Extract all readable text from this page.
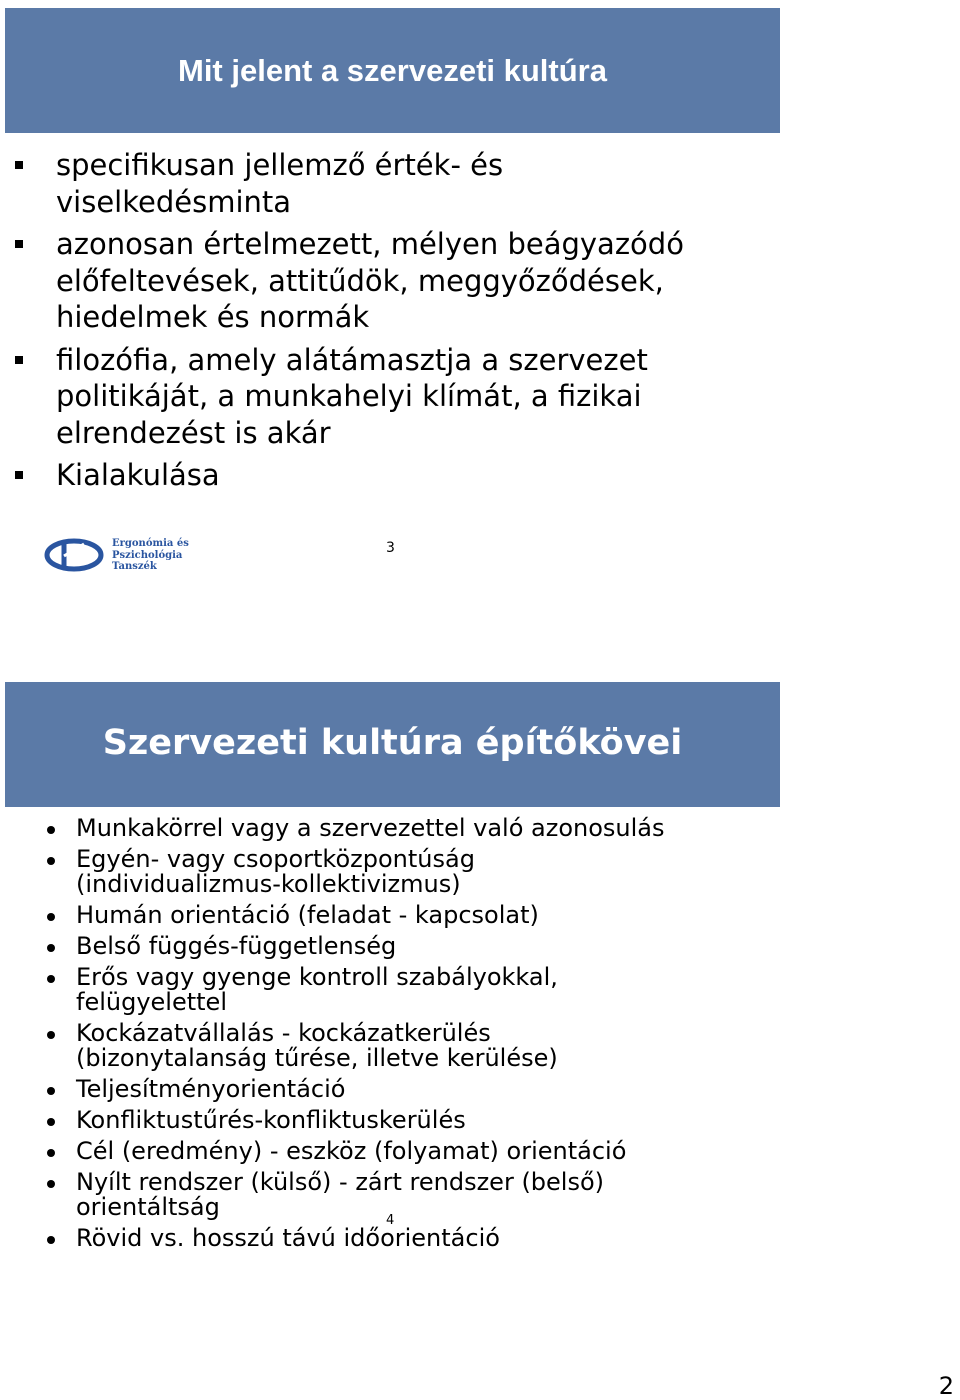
Mit jelent a szervezeti kultúra
specifikusan jellemző érték- és
viselkedésminta
azonosan értelmezett, mélyen beágyazódó
előfeltevések, attitűdök, meggyőződések,
hiedelmek és normák
filozófia, amely alátámasztja a szervezet
politikáját, a munkahelyi klímát, a fizikai
elrendezést is akár
Kialakulása
Ergonómia és
Pszichológia
Tanszék
3
Szervezeti kultúra építőkövei
Munkakörrel vagy a szervezettel való azonosulás
Egyén- vagy csoportközpontúság
(individualizmus-kollektivizmus)
Humán orientáció (feladat - kapcsolat)
Belső függés-függetlenség
Erős vagy gyenge kontroll szabályokkal,
felügyelettel
Kockázatvállalás - kockázatkerülés
(bizonytalanság tűrése, illetve kerülése)
Teljesítményorientáció
Konfliktustűrés-konfliktuskerülés
Cél (eredmény) - eszköz (folyamat) orientáció
Nyílt rendszer (külső) - zárt rendszer (belső)
orientáltság
Rövid vs. hosszú távú időorientáció
4
2
